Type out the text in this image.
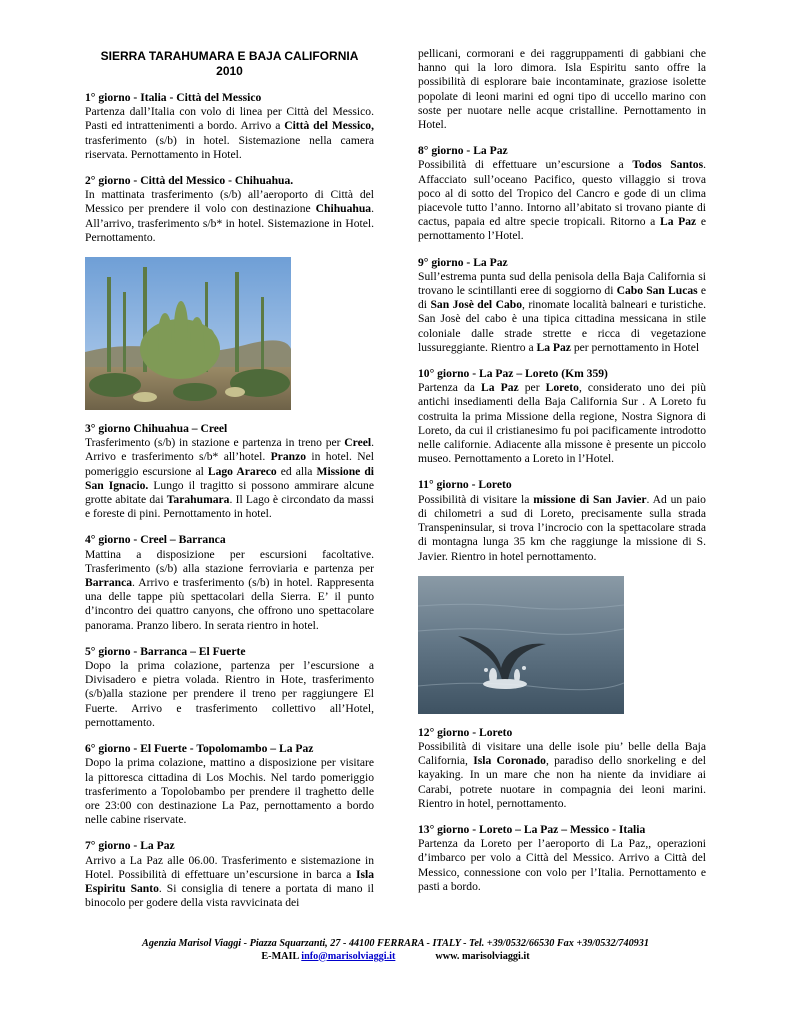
SIERRA TARAHUMARA E BAJA CALIFORNIA
2010
1° giorno - Italia - Città del Messico
Partenza dall’Italia con volo di linea per Città del Messico. Pasti ed intrattenimenti a bordo. Arrivo a Città del Messico, trasferimento (s/b) in hotel. Sistemazione nella camera riservata. Pernottamento in Hotel.
2° giorno - Città del Messico - Chihuahua.
In mattinata trasferimento (s/b) all’aeroporto di Città del Messico per prendere il volo con destinazione Chihuahua. All’arrivo, trasferimento s/b* in hotel. Sistemazione in Hotel. Pernottamento.
3° giorno Chihuahua – Creel
Trasferimento (s/b) in stazione e partenza in treno per Creel. Arrivo e trasferimento s/b* all’hotel. Pranzo in hotel. Nel pomeriggio escursione al Lago Arareco ed alla Missione di San Ignacio. Lungo il tragitto si possono ammirare alcune grotte abitate dai Tarahumara. Il Lago è circondato da massi e foreste di pini. Pernottamento in hotel.
4° giorno - Creel – Barranca
Mattina a disposizione per escursioni facoltative. Trasferimento (s/b) alla stazione ferroviaria e partenza per Barranca. Arrivo e trasferimento (s/b) in hotel. Rappresenta una delle tappe più spettacolari della Sierra. E’ il punto d’incontro dei quattro canyons, che offrono uno spettacolare panorama. Pranzo libero. In serata rientro in hotel.
5° giorno - Barranca – El Fuerte
Dopo la prima colazione, partenza per l’escursione a Divisadero e pietra volada. Rientro in Hote, trasferimento (s/b)alla stazione per prendere il treno per raggiungere El Fuerte. Arrivo e trasferimento collettivo all’Hotel, pernottamento.
6° giorno - El Fuerte - Topolomambo – La Paz
Dopo la prima colazione, mattino a disposizione per visitare la pittoresca cittadina di Los Mochis. Nel tardo pomeriggio trasferimento a Topolobambo per prendere il traghetto delle ore 23:00 con destinazione La Paz, pernottamento a bordo nelle cabine riservate.
7° giorno - La Paz
Arrivo a La Paz alle 06.00. Trasferimento e sistemazione in Hotel. Possibilità di effettuare un’escursione in barca a Isla Espiritu Santo. Si consiglia di tenere a portata di mano il binocolo per godere della vista ravvicinata dei
pellicani, cormorani e dei raggruppamenti di gabbiani che hanno qui la loro dimora. Isla Espiritu santo offre la possibilità di esplorare baie incontaminate, graziose isolette popolate di leoni marini ed ogni tipo di uccello marino con soste per nuotare nelle acque cristalline. Pernottamento in Hotel.
8° giorno - La Paz
Possibilità di effettuare un’escursione a Todos Santos. Affacciato sull’oceano Pacifico, questo villaggio si trova poco al di sotto del Tropico del Cancro e gode di un clima piacevole tutto l’anno. Intorno all’abitato si trovano piante di cactus, papaia ed altre specie tropicali. Ritorno a La Paz e pernottamento l’Hotel.
9° giorno - La Paz
Sull’estrema punta sud della penisola della Baja California si trovano le scintillanti eree di soggiorno di Cabo San Lucas e di San Josè del Cabo, rinomate località balneari e turistiche. San Josè del cabo è una tipica cittadina messicana in stile coloniale dalle strade strette e ricca di vegetazione lussureggiante. Rientro a La Paz per pernottamento in Hotel
10° giorno - La Paz – Loreto (Km 359)
Partenza da La Paz per Loreto, considerato uno dei più antichi insediamenti della Baja California Sur . A Loreto fu costruita la prima Missione della regione, Nostra Signora di Loreto, da cui il cristianesimo fu poi pacificamente introdotto nelle californie. Adiacente alla missone è presente un piccolo museo. Pernottamento a Loreto in l’Hotel.
11° giorno - Loreto
Possibilità di visitare la missione di San Javier. Ad un paio di chilometri a sud di Loreto, precisamente sulla strada Transpeninsular, si trova l’incrocio con la spettacolare strada di montagna lunga 35 km che raggiunge la missione di S. Javier. Rientro in hotel pernottamento.
12° giorno - Loreto
Possibilità di visitare una delle isole piu’ belle della Baja California, Isla Coronado, paradiso dello snorkeling e del kayaking. In un mare che non ha niente da invidiare ai Carabi, potrete nuotare in compagnia dei leoni marini. Rientro in hotel, pernottamento.
13° giorno - Loreto – La Paz – Messico - Italia
Partenza da Loreto per l’aeroporto di La Paz,, operazioni d’imbarco per volo a Città del Messico. Arrivo a Città del Messico, connessione con volo per l’Italia. Pernottamento e pasti a bordo.
Agenzia Marisol Viaggi - Piazza Squarzanti, 27 - 44100 FERRARA - ITALY - Tel. +39/0532/66530 Fax +39/0532/740931
E-MAIL info@marisolviaggi.it	www. marisolviaggi.it
